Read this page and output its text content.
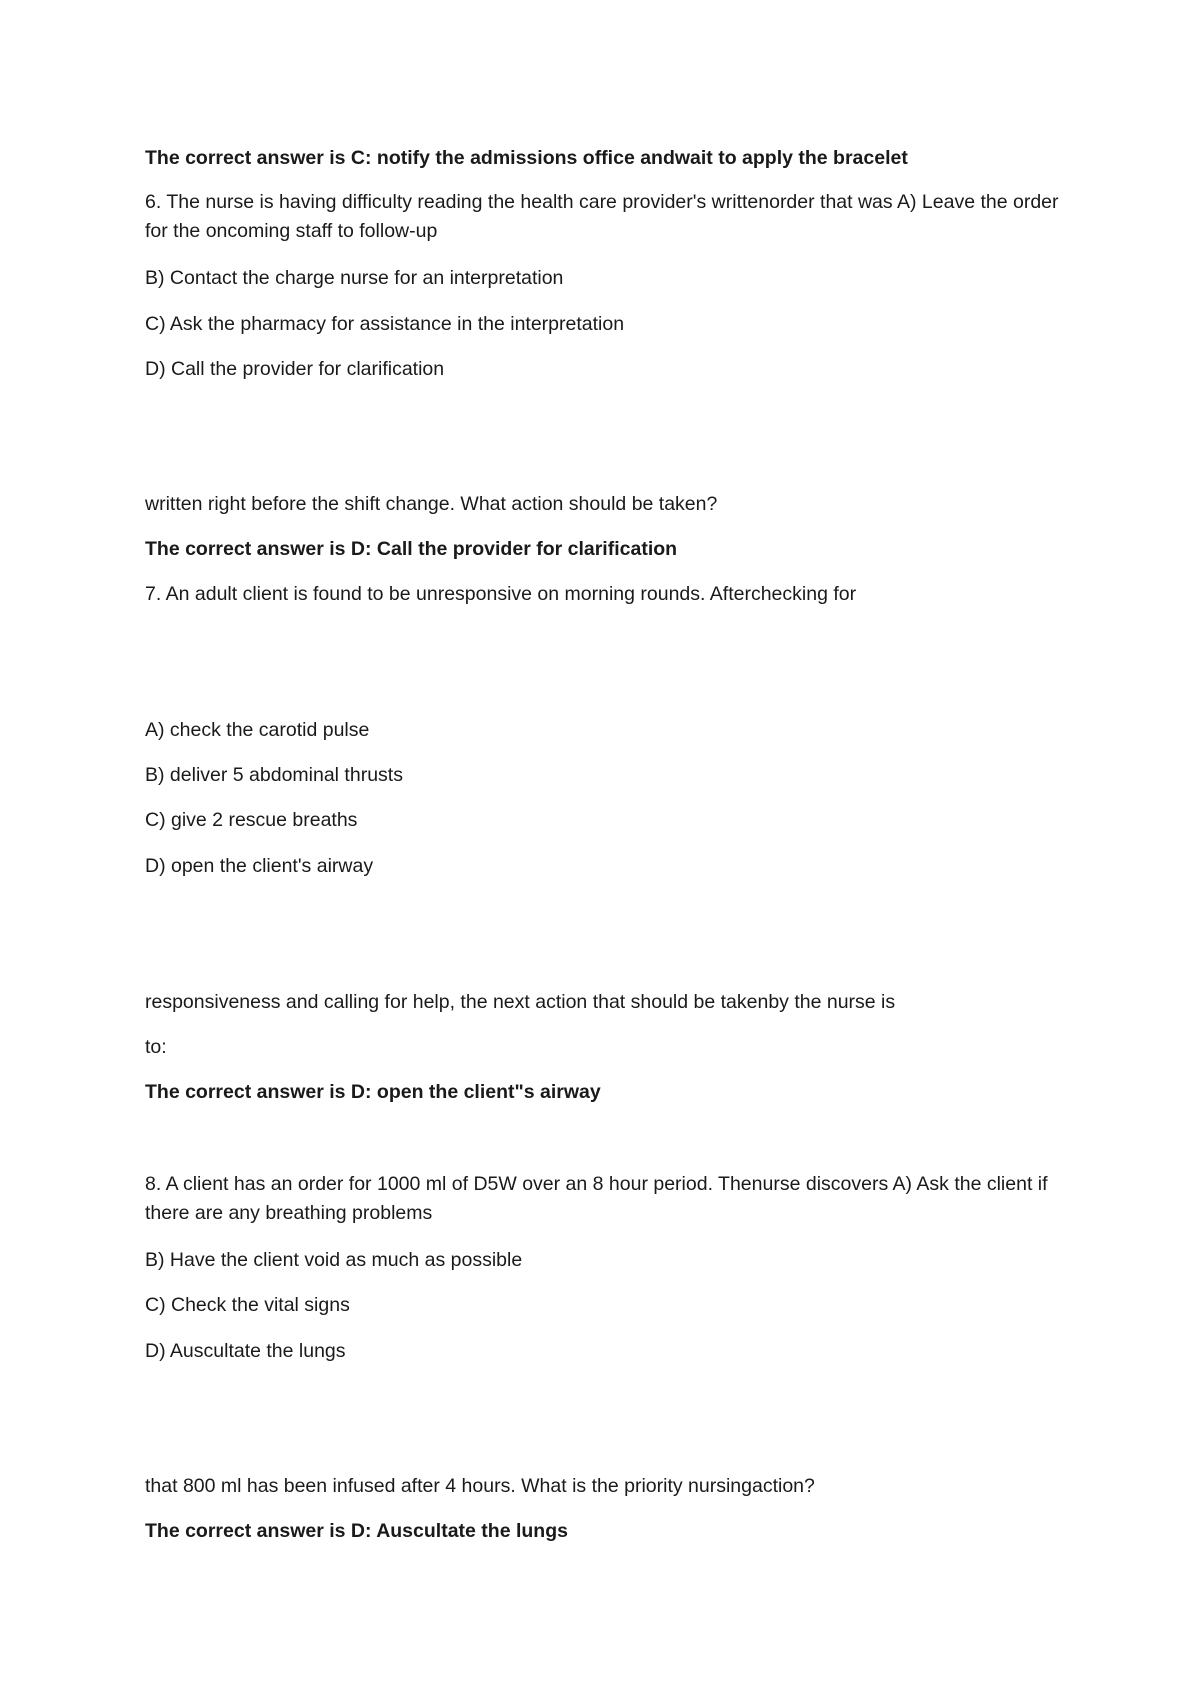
The correct answer is C: notify the admissions office andwait to apply the bracelet
6. The nurse is having difficulty reading the health care provider's writtenorder that was A) Leave the order for the oncoming staff to follow-up
B) Contact the charge nurse for an interpretation
C) Ask the pharmacy for assistance in the interpretation
D) Call the provider for clarification
written right before the shift change. What action should be taken?
The correct answer is D: Call the provider for clarification
7. An adult client is found to be unresponsive on morning rounds. Afterchecking for
A) check the carotid pulse
B) deliver 5 abdominal thrusts
C) give 2 rescue breaths
D) open the client's airway
responsiveness and calling for help, the next action that should be takenby the nurse is
to:
The correct answer is D: open the client"s airway
8. A client has an order for 1000 ml of D5W over an 8 hour period. Thenurse discovers A) Ask the client if there are any breathing problems
B) Have the client void as much as possible
C) Check the vital signs
D) Auscultate the lungs
that 800 ml has been infused after 4 hours. What is the priority nursingaction?
The correct answer is D: Auscultate the lungs
